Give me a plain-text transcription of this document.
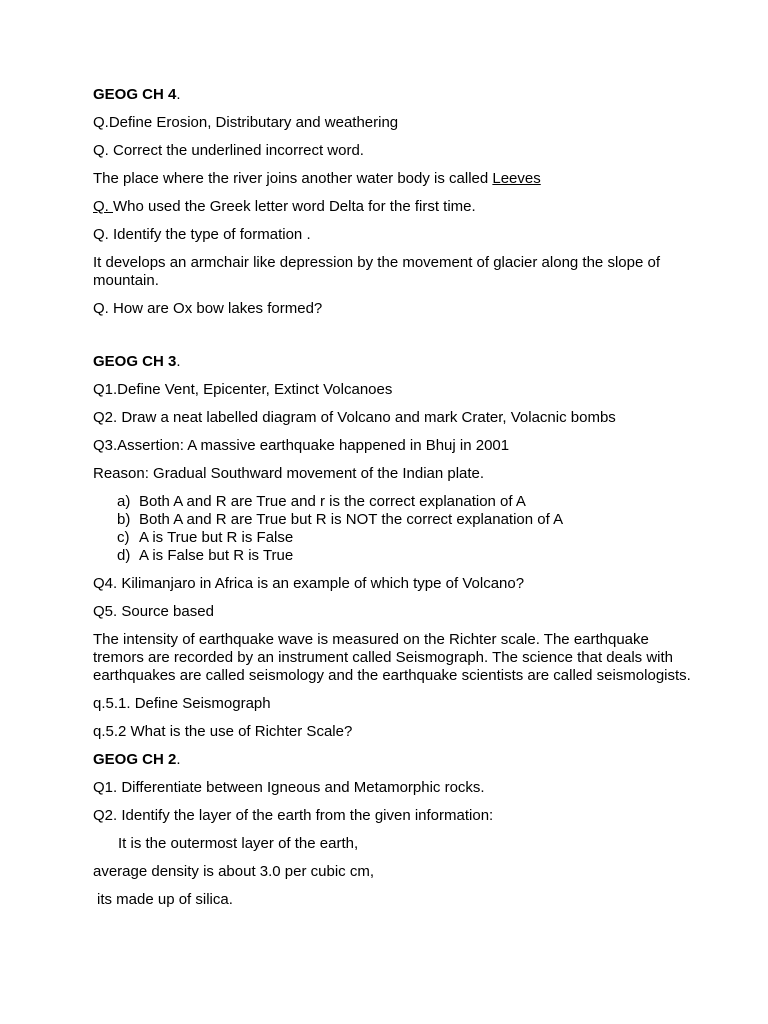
GEOG CH 4.
Q.Define Erosion, Distributary and weathering
Q. Correct the underlined incorrect word.
The place where the river joins another water body is called Leeves
Q. Who used the Greek letter word Delta for the first time.
Q. Identify the type of formation .
It develops an armchair like depression by the movement of glacier along the slope of mountain.
Q. How are Ox bow lakes formed?
GEOG CH 3.
Q1.Define Vent, Epicenter, Extinct Volcanoes
Q2. Draw a neat labelled diagram of Volcano and mark Crater, Volacnic bombs
Q3.Assertion: A massive earthquake happened in Bhuj in 2001
Reason: Gradual Southward movement of the Indian plate.
a) Both A and R are True and r is the correct explanation of A
b) Both A and R are True but R is NOT the correct explanation of A
c) A is True but R is False
d) A is False but R is True
Q4. Kilimanjaro in Africa is an example of which type of Volcano?
Q5. Source based
The intensity of earthquake wave is measured on the Richter scale. The earthquake tremors are recorded by an instrument called Seismograph. The science that deals with earthquakes are called seismology and the earthquake scientists are called seismologists.
q.5.1. Define Seismograph
q.5.2 What is the use of Richter Scale?
GEOG CH 2.
Q1. Differentiate between Igneous and Metamorphic rocks.
Q2. Identify the layer of the earth from the given information:
It is the outermost layer of the earth,
average density is about 3.0 per cubic cm,
its made up of silica.
